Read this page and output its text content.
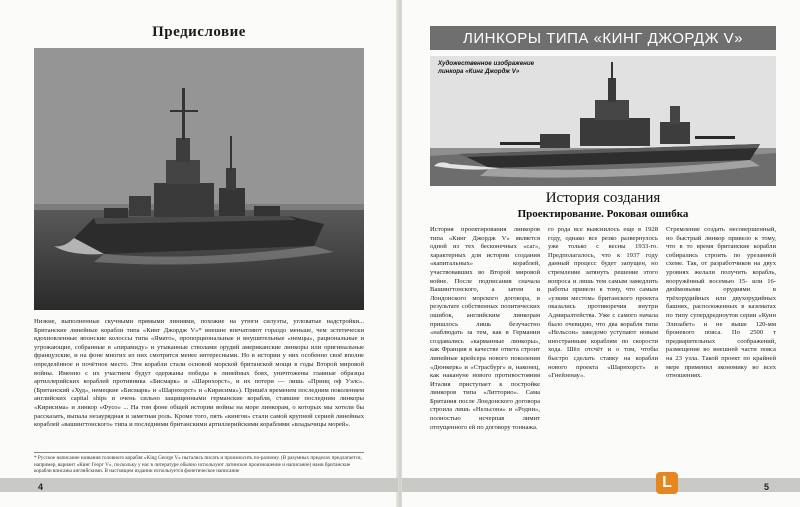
Предисловие
Низкие, выполненные скучными прямыми линиями, похожие на утюги силуэты, угловатые надстройки... Британские линейные корабли типа «Кинг Джордж V»* внешне впечатляют гораздо меньше, чем эстетически вдохновленные японские колоссы типа «Ямато», пропорциональные и внушительные «немцы», рациональные и угрожающие, собранные в «пирамиду» и утыканные стволами орудий американские линкоры или оригинальные французские, и на фоне многих из них смотрятся менее интересными. Но в истории у них особенно своё вполне определённое и почётное место. Эти корабли стали основой морской британской мощи в годы Второй мировой войны. Именно с их участием будут одержаны победы в линейных боях, уничтожены главные образцы артиллерийских кораблей противника «Бисмарк» и «Шарнхорст», и их потери — лишь «Принц оф Уэлс». (Британский «Худ», немецкие «Бисмарк» и «Шарнхорст» и «Кирисима»). Пришёл временем последним поколением английских capital ships и очень сильно защищенными германские корабли, ставшие последним линкоры «Кирисима» и линкор «Фусо» ... На том фоне общей истории войны на море линкорам, о которых мы хотели бы рассказать, выпала незаурядная и заметная роль. Кроме того, пять «кингов» стали самой крупной серией линейных кораблей «вашингтонского» типа и последними британскими артиллерийскими кораблями «владычицы морей».
* Русское написание названия головного корабля «King George V» пытались писать и произносить по-разному. (В разумных пределах предлагается, например, вариант «Кинг Георг V», поскольку у нас в литературе обычно используют латинское произношение и написание) нами британские корабли вписаны английскими. В настоящем издании используется фонетическое написание
4
ЛИНКОРЫ ТИПА «КИНГ ДЖОРДЖ V»
Художественное изображение линкора «Кинг Джордж V»
История создания
Проектирование. Роковая ошибка
История проектирования линкоров типа «Кинг Джордж V» является одной из тех бесконечных «саг», характерных для истории создания «капитальных» кораблей, участвовавших во Второй мировой войне. После подписания сначала Вашингтонского, а затем и Лондонского морского договора, в результате собственных политических ошибок, английским линкорам пришлось лишь безучастно «наблюдать за тем, как в Германии создавались «карманные линкоры», как Франция в качестве ответа строит линейные крейсера нового поколения «Дюнкерк» и «Страсбург» и, наконец, как накануне нового противостояния Италия приступает к постройке линкоров типа «Литторио». Сама Британия после Лондонского договора строила лишь «Нельсона» и «Родни», полностью исчерпав лимит отпущенного ей по договору тоннажа.
го рода все выяснилось еще в 1928 году, однако все резко развернулось уже только с весны 1933-го. Предполагалось, что к 1937 году данный процесс будет запущен, но стремление затянуть решение этого вопроса и лишь тем самым замедлить работы привело к тому, что самым «узким местом» британского проекта оказались противоречия внутри Адмиралтейства. Уже с самого начала было очевидно, что два корабля типа «Нельсон» заведомо уступают новым иностранным кораблям по скорости хода. Шёл отсчёт и о том, чтобы быстро сделать ставку на корабли нового проекта «Шарнхорст» и «Гнейзенау».
Стремление создать несовершенный, но быстрый линкор привело к тому, что в то время британские корабли собирались строить по урезанной схеме. Так, от разработчиков на двух уровнях желали получить корабль, вооружённый восемью 15- или 16-дюймовыми орудиями в трёхорудийных или двухорудийных башнях, расположенных в казематах по типу супердредноутов серии «Куин Элизабет» и не выше 120-мм броневого пояса. По 2500 т предварительных соображений, размещение во внешней части пояса на 23 узла. Такой проект по крайней мере применил экономику во всех отношениях.
5
L
